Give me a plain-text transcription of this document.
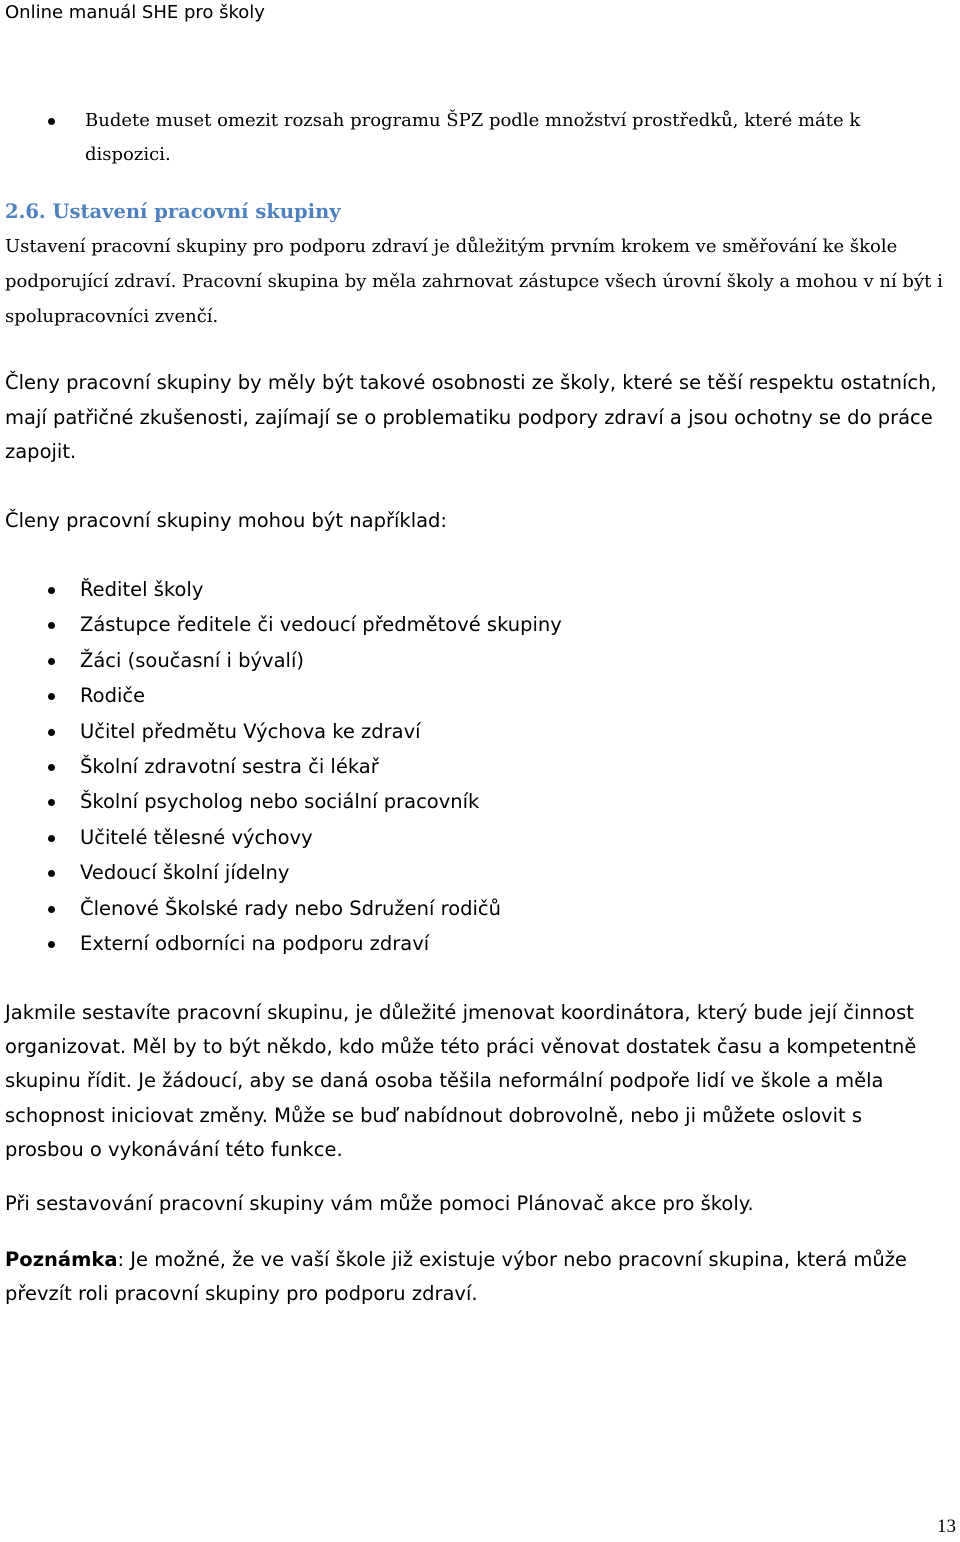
Online manuál SHE pro školy
Budete muset omezit rozsah programu ŠPZ podle množství prostředků, které máte k dispozici.
2.6. Ustavení pracovní skupiny

Ustavení pracovní skupiny pro podporu zdraví je důležitým prvním krokem ve směřování ke škole podporující zdraví. Pracovní skupina by měla zahrnovat zástupce všech úrovní školy a mohou v ní být i spolupracovníci zvenčí.

Členy pracovní skupiny by měly být takové osobnosti ze školy, které se těší respektu ostatních, mají patřičné zkušenosti, zajímají se o problematiku podpory zdraví a jsou ochotny se do práce zapojit.

Členy pracovní skupiny mohou být například:

Ředitel školy
Zástupce ředitele či vedoucí předmětové skupiny
Žáci (současní i bývalí)
Rodiče
Učitel předmětu Výchova ke zdraví
Školní zdravotní sestra či lékař
Školní psycholog nebo sociální pracovník
Učitelé tělesné výchovy
Vedoucí školní jídelny
Členové Školské rady nebo Sdružení rodičů
Externí odborníci na podporu zdraví

Jakmile sestavíte pracovní skupinu, je důležité jmenovat koordinátora, který bude její činnost organizovat. Měl by to být někdo, kdo může této práci věnovat dostatek času a kompetentně skupinu řídit. Je žádoucí, aby se daná osoba těšila neformální podpoře lidí ve škole a měla schopnost iniciovat změny. Může se buď nabídnout dobrovolně, nebo ji můžete oslovit s prosbou o vykonávání této funkce.

Při sestavování pracovní skupiny vám může pomoci Plánovač akce pro školy.

Poznámka: Je možné, že ve vaší škole již existuje výbor nebo pracovní skupina, která může převzít roli pracovní skupiny pro podporu zdraví.

13
